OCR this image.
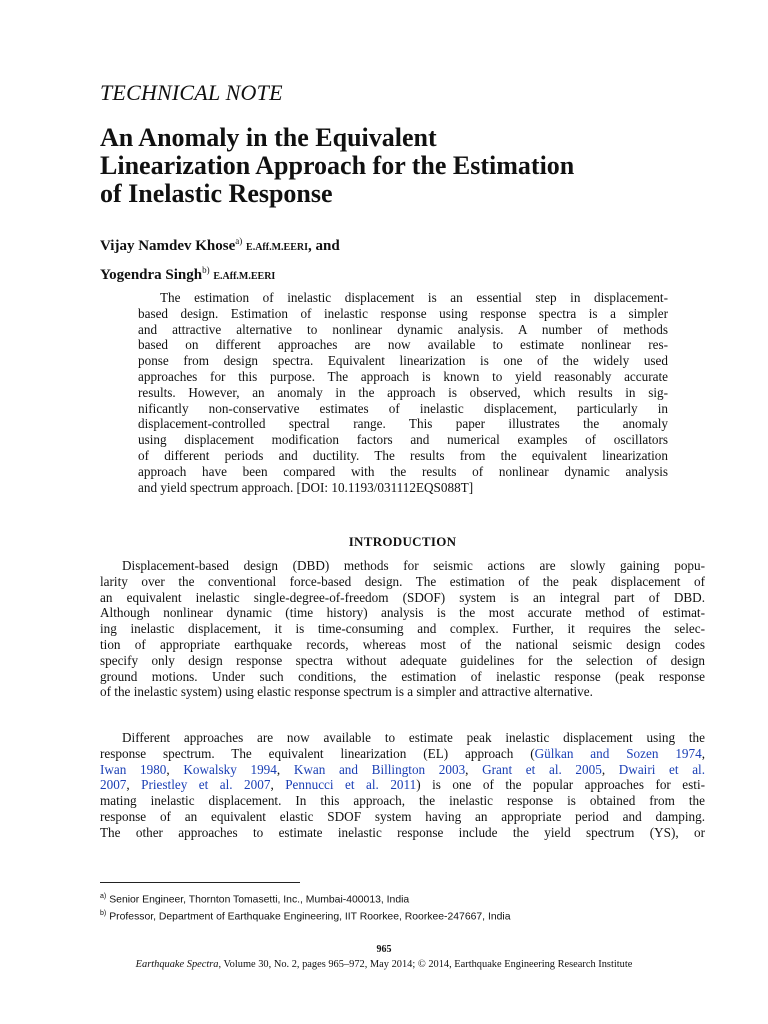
TECHNICAL NOTE
An Anomaly in the Equivalent
Linearization Approach for the Estimation
of Inelastic Response
Vijay Namdev Khose$^{a)}$ E.Aff.M.EERI, and
Yogendra Singh$^{b)}$ E.Aff.M.EERI
The estimation of inelastic displacement is an essential step in displacement-
based design. Estimation of inelastic response using response spectra is a simpler
and attractive alternative to nonlinear dynamic analysis. A number of methods
based on different approaches are now available to estimate nonlinear res-
ponse from design spectra. Equivalent linearization is one of the widely used
approaches for this purpose. The approach is known to yield reasonably accurate
results. However, an anomaly in the approach is observed, which results in sig-
nificantly non-conservative estimates of inelastic displacement, particularly in
displacement-controlled spectral range. This paper illustrates the anomaly
using displacement modification factors and numerical examples of oscillators
of different periods and ductility. The results from the equivalent linearization
approach have been compared with the results of nonlinear dynamic analysis
and yield spectrum approach. [DOI: 10.1193/031112EQS088T]
INTRODUCTION
Displacement-based design (DBD) methods for seismic actions are slowly gaining popu-
larity over the conventional force-based design. The estimation of the peak displacement of
an equivalent inelastic single-degree-of-freedom (SDOF) system is an integral part of DBD.
Although nonlinear dynamic (time history) analysis is the most accurate method of estimat-
ing inelastic displacement, it is time-consuming and complex. Further, it requires the selec-
tion of appropriate earthquake records, whereas most of the national seismic design codes
specify only design response spectra without adequate guidelines for the selection of design
ground motions. Under such conditions, the estimation of inelastic response (peak response
of the inelastic system) using elastic response spectrum is a simpler and attractive alternative.
Different approaches are now available to estimate peak inelastic displacement using the
response spectrum. The equivalent linearization (EL) approach (Gülkan and Sozen 1974,
Iwan 1980, Kowalsky 1994, Kwan and Billington 2003, Grant et al. 2005, Dwairi et al.
2007, Priestley et al. 2007, Pennucci et al. 2011) is one of the popular approaches for esti-
mating inelastic displacement. In this approach, the inelastic response is obtained from the
response of an equivalent elastic SDOF system having an appropriate period and damping.
The other approaches to estimate inelastic response include the yield spectrum (YS), or
$^{a)}$ Senior Engineer, Thornton Tomasetti, Inc., Mumbai-400013, India
$^{b)}$ Professor, Department of Earthquake Engineering, IIT Roorkee, Roorkee-247667, India
965
Earthquake Spectra, Volume 30, No. 2, pages 965–972, May 2014; © 2014, Earthquake Engineering Research Institute
